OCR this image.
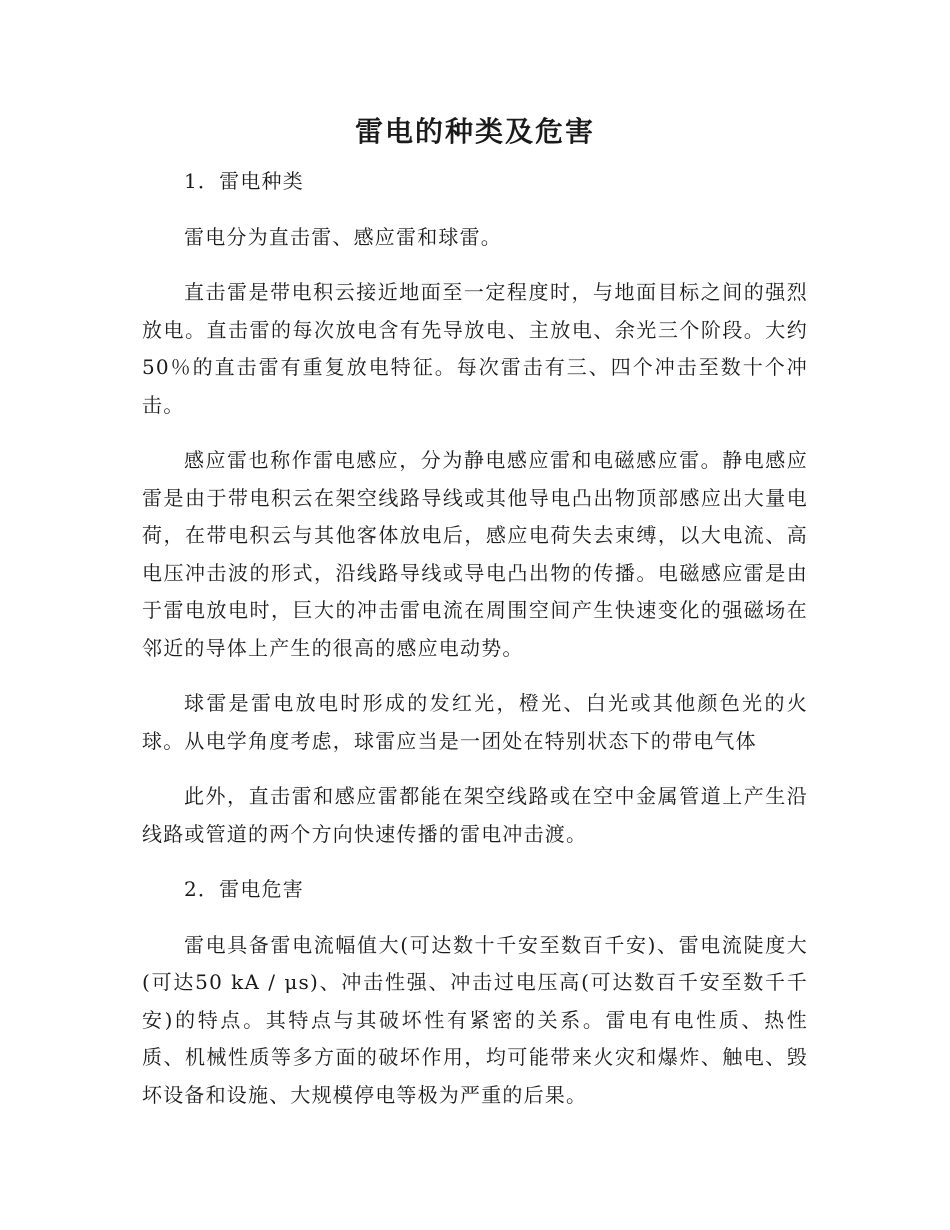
雷电的种类及危害

1．雷电种类

雷电分为直击雷、感应雷和球雷。

直击雷是带电积云接近地面至一定程度时，与地面目标之间的强烈放电。直击雷的每次放电含有先导放电、主放电、余光三个阶段。大约50％的直击雷有重复放电特征。每次雷击有三、四个冲击至数十个冲击。

感应雷也称作雷电感应，分为静电感应雷和电磁感应雷。静电感应雷是由于带电积云在架空线路导线或其他导电凸出物顶部感应出大量电荷，在带电积云与其他客体放电后，感应电荷失去束缚，以大电流、高电压冲击波的形式，沿线路导线或导电凸出物的传播。电磁感应雷是由于雷电放电时，巨大的冲击雷电流在周围空间产生快速变化的强磁场在邻近的导体上产生的很高的感应电动势。

球雷是雷电放电时形成的发红光，橙光、白光或其他颜色光的火球。从电学角度考虑，球雷应当是一团处在特别状态下的带电气体

此外，直击雷和感应雷都能在架空线路或在空中金属管道上产生沿线路或管道的两个方向快速传播的雷电冲击渡。

2．雷电危害

雷电具备雷电流幅值大(可达数十千安至数百千安)、雷电流陡度大(可达50 kA / μs)、冲击性强、冲击过电压高(可达数百千安至数千千安)的特点。其特点与其破坏性有紧密的关系。雷电有电性质、热性质、机械性质等多方面的破坏作用，均可能带来火灾和爆炸、触电、毁坏设备和设施、大规模停电等极为严重的后果。
